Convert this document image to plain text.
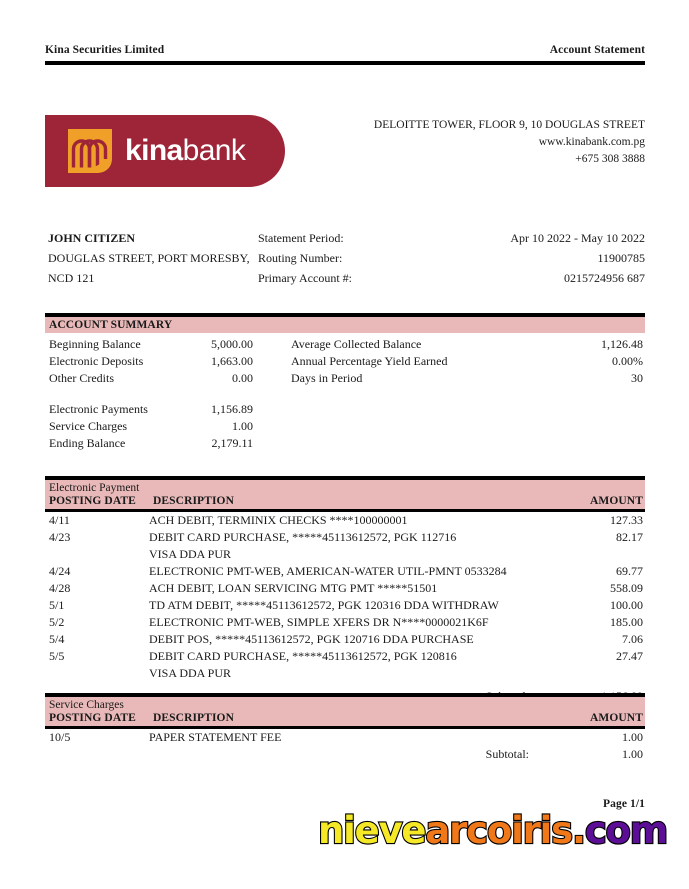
Kina Securities Limited	Account Statement
kinabank
DELOITTE TOWER, FLOOR 9, 10 DOUGLAS STREET
www.kinabank.com.pg
+675 308 3888
JOHN CITIZEN
DOUGLAS STREET, PORT MORESBY,
NCD 121
Statement Period:	Apr 10 2022 - May 10 2022
Routing Number:	11900785
Primary Account #:	0215724956 687
ACCOUNT SUMMARY
Beginning Balance	5,000.00	Average Collected Balance	1,126.48
Electronic Deposits	1,663.00	Annual Percentage Yield Earned	0.00%
Other Credits	0.00	Days in Period	30
Electronic Payments	1,156.89
Service Charges	1.00
Ending Balance	2,179.11
Electronic Payment
POSTING DATE	DESCRIPTION	AMOUNT
4/11	ACH DEBIT, TERMINIX CHECKS ****100000001	127.33
4/23	DEBIT CARD PURCHASE, *****45113612572, PGK 112716	82.17
VISA DDA PUR
4/24	ELECTRONIC PMT-WEB, AMERICAN-WATER UTIL-PMNT 0533284	69.77
4/28	ACH DEBIT, LOAN SERVICING MTG PMT *****51501	558.09
5/1	TD ATM DEBIT, *****45113612572, PGK 120316 DDA WITHDRAW	100.00
5/2	ELECTRONIC PMT-WEB, SIMPLE XFERS DR N****0000021K6F	185.00
5/4	DEBIT POS, *****45113612572, PGK 120716 DDA PURCHASE	7.06
5/5	DEBIT CARD PURCHASE, *****45113612572, PGK 120816	27.47
VISA DDA PUR
Service Charges
POSTING DATE	DESCRIPTION	AMOUNT
10/5	PAPER STATEMENT FEE	1.00
Subtotal:	1.00
Page 1/1
nievearcoiris.com
